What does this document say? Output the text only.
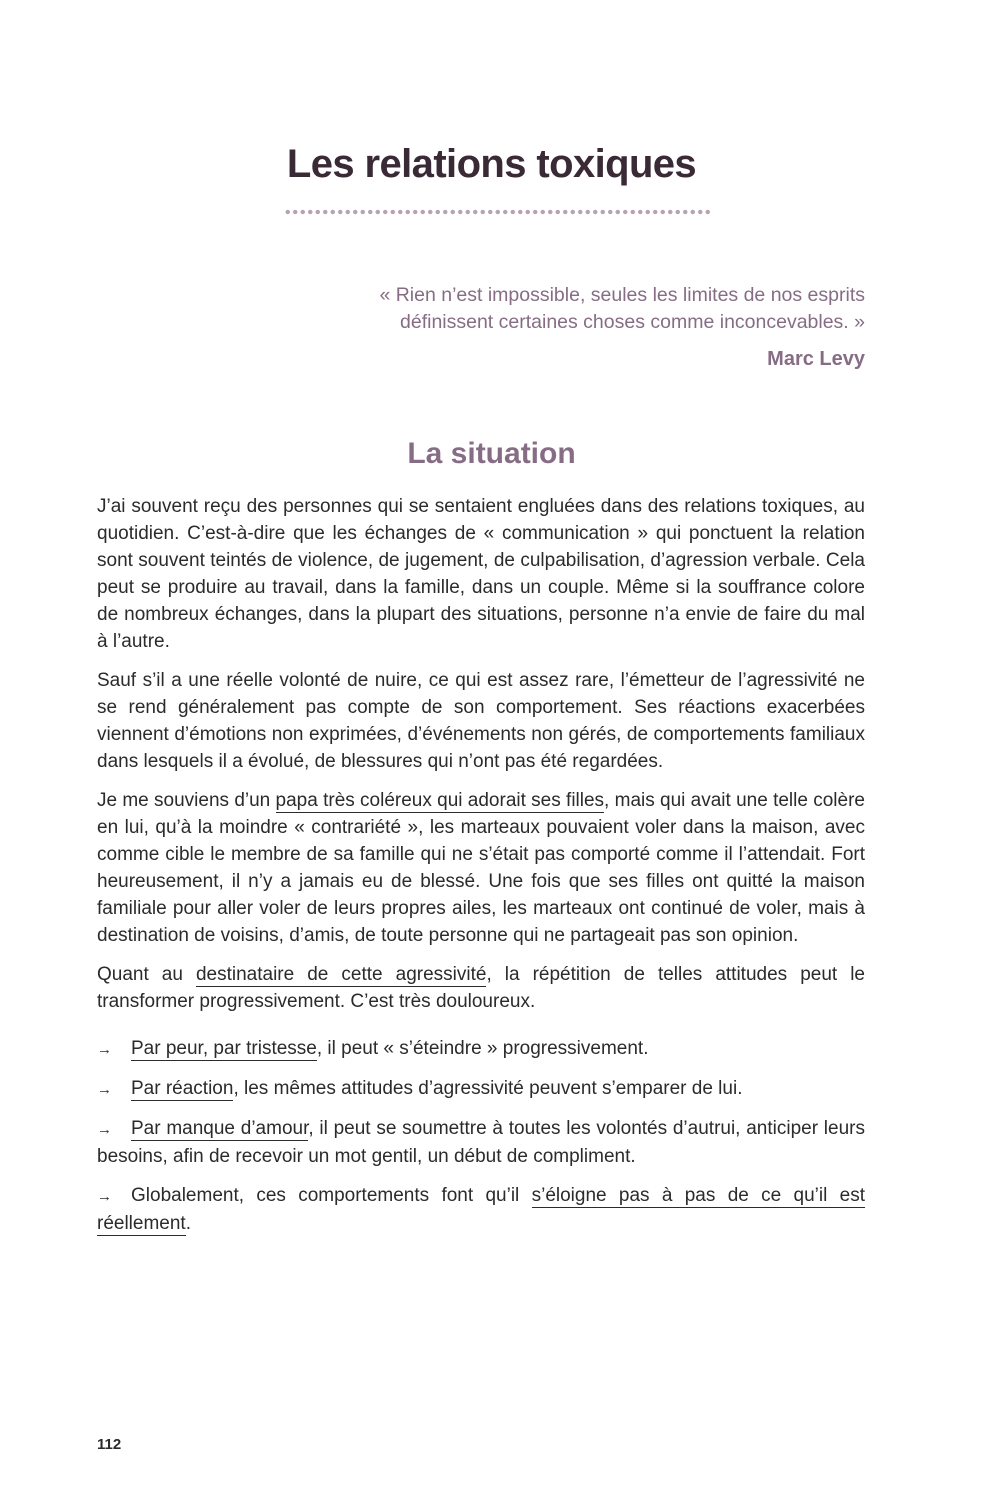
Les relations toxiques
« Rien n’est impossible, seules les limites de nos esprits
définissent certaines choses comme inconcevables. »
Marc Levy
La situation

J’ai souvent reçu des personnes qui se sentaient engluées dans des relations toxiques, au quotidien. C’est-à-dire que les échanges de « communication » qui ponctuent la relation sont souvent teintés de violence, de jugement, de culpabilisation, d’agression verbale. Cela peut se produire au travail, dans la famille, dans un couple. Même si la souffrance colore de nombreux échanges, dans la plupart des situations, personne n’a envie de faire du mal à l’autre.

Sauf s’il a une réelle volonté de nuire, ce qui est assez rare, l’émetteur de l’agressivité ne se rend généralement pas compte de son comportement. Ses réactions exacerbées viennent d’émotions non exprimées, d’événements non gérés, de comportements familiaux dans lesquels il a évolué, de blessures qui n’ont pas été regardées.

Je me souviens d’un papa très coléreux qui adorait ses filles, mais qui avait une telle colère en lui, qu’à la moindre « contrariété », les marteaux pouvaient voler dans la maison, avec comme cible le membre de sa famille qui ne s’était pas comporté comme il l’attendait. Fort heureusement, il n’y a jamais eu de blessé. Une fois que ses filles ont quitté la maison familiale pour aller voler de leurs propres ailes, les marteaux ont continué de voler, mais à destination de voisins, d’amis, de toute personne qui ne partageait pas son opinion.

Quant au destinataire de cette agressivité, la répétition de telles attitudes peut le transformer progressivement. C’est très douloureux.

→ Par peur, par tristesse, il peut « s’éteindre » progressivement.

→ Par réaction, les mêmes attitudes d’agressivité peuvent s’emparer de lui.

→ Par manque d’amour, il peut se soumettre à toutes les volontés d’autrui, anticiper leurs besoins, afin de recevoir un mot gentil, un début de compliment.

→ Globalement, ces comportements font qu’il s’éloigne pas à pas de ce qu’il est réellement.

112
